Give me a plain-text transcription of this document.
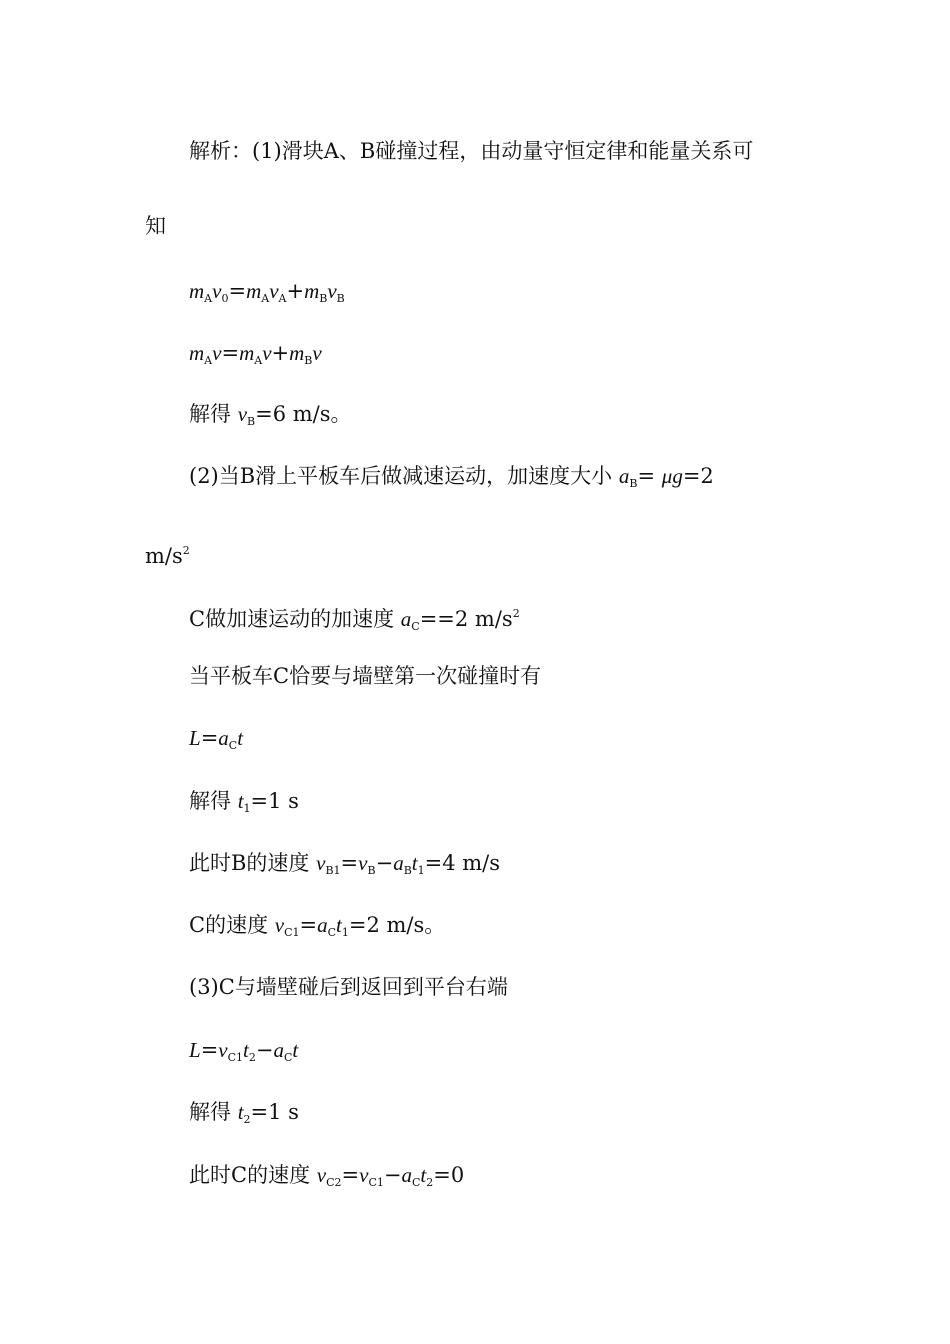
解析：(1)滑块A、B碰撞过程，由动量守恒定律和能量关系可
知
$m_Av_0=m_Av_A+m_Bv_B$
$m_Av=m_Av+m_Bv$
解得 $v_B=6$ m/s。
(2)当B滑上平板车后做减速运动，加速度大小 $a_B= \mu g=2$
$m/s^2$
C做加速运动的加速度 $a_C==2$ $m/s^2$
当平板车C恰要与墙壁第一次碰撞时有
$L=a_Ct$
解得 $t_1=1$ s
此时B的速度 $v_{B1}=v_B-a_Bt_1=4$ m/s
C的速度 $v_{C1}=a_Ct_1=2$ m/s。
(3)C与墙壁碰后到返回到平台右端
$L=v_{C1}t_2-a_Ct$
解得 $t_2=1$ s
此时C的速度 $v_{C2}=v_{C1}-a_Ct_2=0$
